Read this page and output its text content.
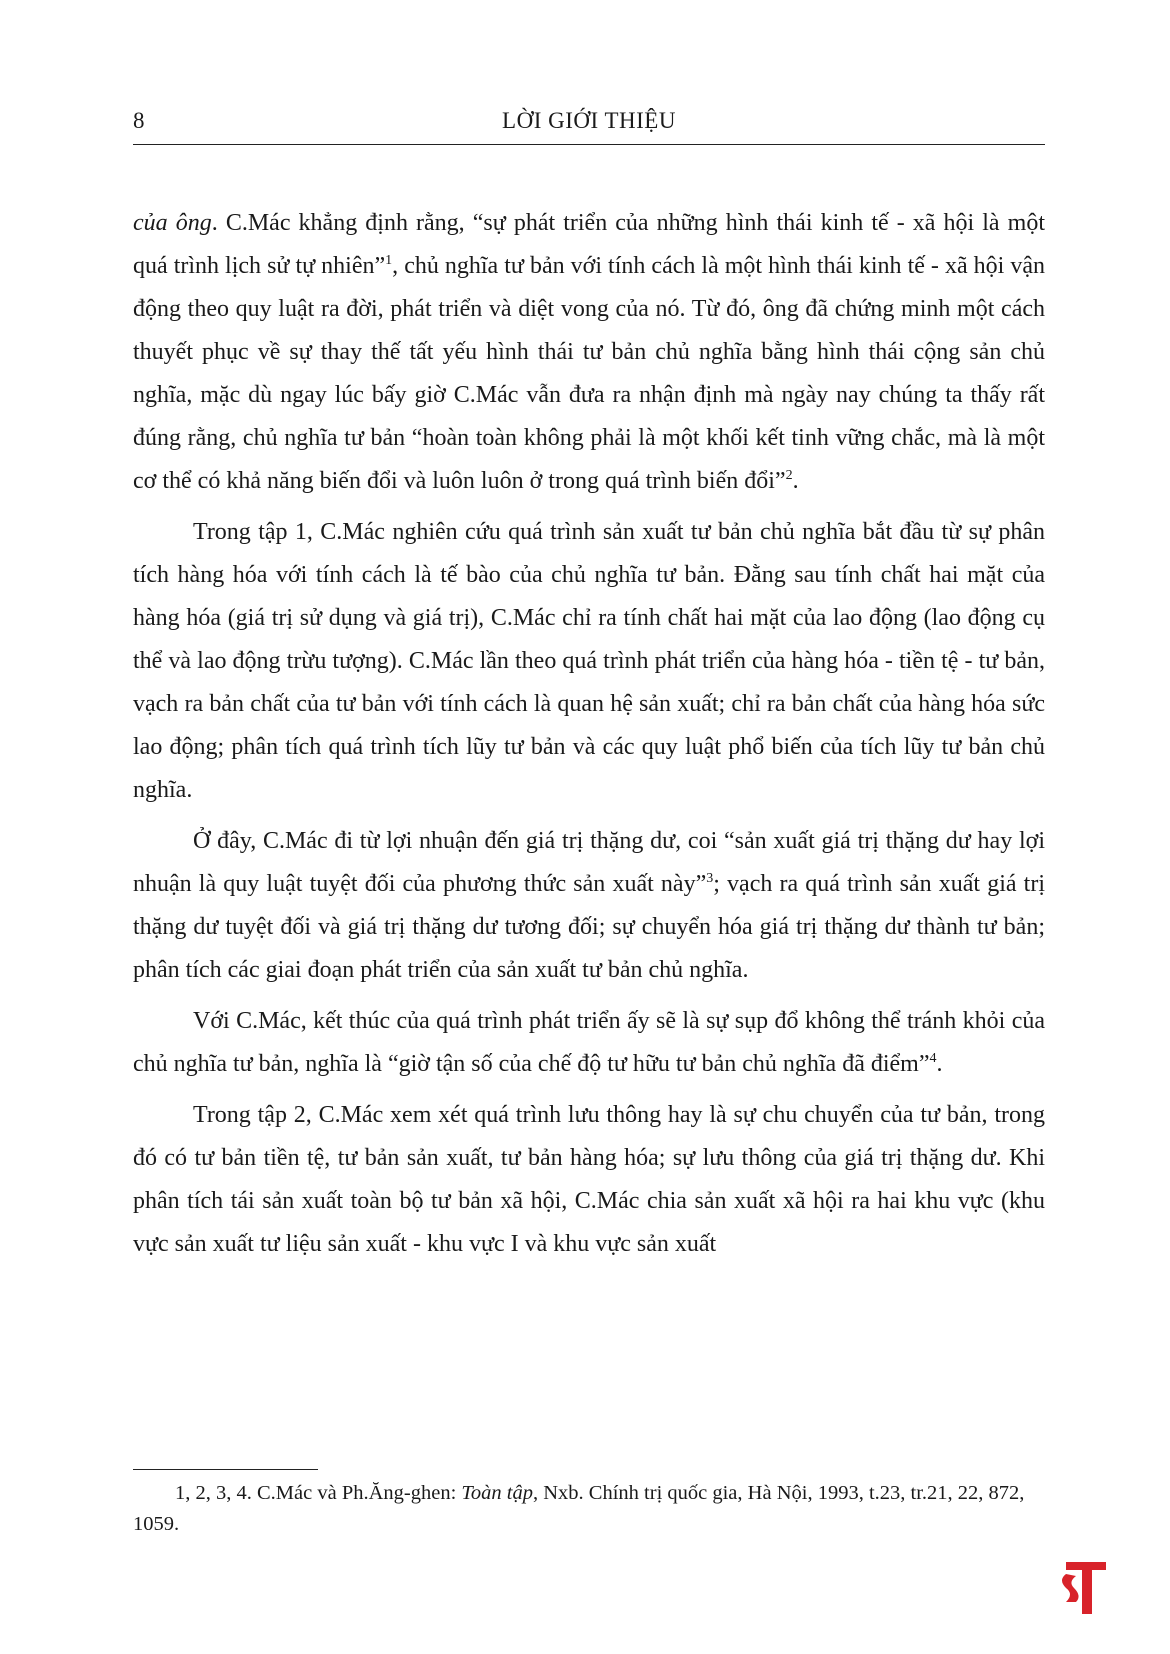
8	LỜI GIỚI THIỆU

của ông. C.Mác khẳng định rằng, “sự phát triển của những hình thái kinh tế - xã hội là một quá trình lịch sử tự nhiên”$^1$, chủ nghĩa tư bản với tính cách là một hình thái kinh tế - xã hội vận động theo quy luật ra đời, phát triển và diệt vong của nó. Từ đó, ông đã chứng minh một cách thuyết phục về sự thay thế tất yếu hình thái tư bản chủ nghĩa bằng hình thái cộng sản chủ nghĩa, mặc dù ngay lúc bấy giờ C.Mác vẫn đưa ra nhận định mà ngày nay chúng ta thấy rất đúng rằng, chủ nghĩa tư bản “hoàn toàn không phải là một khối kết tinh vững chắc, mà là một cơ thể có khả năng biến đổi và luôn luôn ở trong quá trình biến đổi”$^2$.

Trong tập 1, C.Mác nghiên cứu quá trình sản xuất tư bản chủ nghĩa bắt đầu từ sự phân tích hàng hóa với tính cách là tế bào của chủ nghĩa tư bản. Đằng sau tính chất hai mặt của hàng hóa (giá trị sử dụng và giá trị), C.Mác chỉ ra tính chất hai mặt của lao động (lao động cụ thể và lao động trừu tượng). C.Mác lần theo quá trình phát triển của hàng hóa - tiền tệ - tư bản, vạch ra bản chất của tư bản với tính cách là quan hệ sản xuất; chỉ ra bản chất của hàng hóa sức lao động; phân tích quá trình tích lũy tư bản và các quy luật phổ biến của tích lũy tư bản chủ nghĩa.

Ở đây, C.Mác đi từ lợi nhuận đến giá trị thặng dư, coi “sản xuất giá trị thặng dư hay lợi nhuận là quy luật tuyệt đối của phương thức sản xuất này”$^3$; vạch ra quá trình sản xuất giá trị thặng dư tuyệt đối và giá trị thặng dư tương đối; sự chuyển hóa giá trị thặng dư thành tư bản; phân tích các giai đoạn phát triển của sản xuất tư bản chủ nghĩa.

Với C.Mác, kết thúc của quá trình phát triển ấy sẽ là sự sụp đổ không thể tránh khỏi của chủ nghĩa tư bản, nghĩa là “giờ tận số của chế độ tư hữu tư bản chủ nghĩa đã điểm”$^4$.

Trong tập 2, C.Mác xem xét quá trình lưu thông hay là sự chu chuyển của tư bản, trong đó có tư bản tiền tệ, tư bản sản xuất, tư bản hàng hóa; sự lưu thông của giá trị thặng dư. Khi phân tích tái sản xuất toàn bộ tư bản xã hội, C.Mác chia sản xuất xã hội ra hai khu vực (khu vực sản xuất tư liệu sản xuất - khu vực I và khu vực sản xuất

1, 2, 3, 4. C.Mác và Ph.Ăng-ghen: Toàn tập, Nxb. Chính trị quốc gia, Hà Nội, 1993, t.23, tr.21, 22, 872, 1059.
